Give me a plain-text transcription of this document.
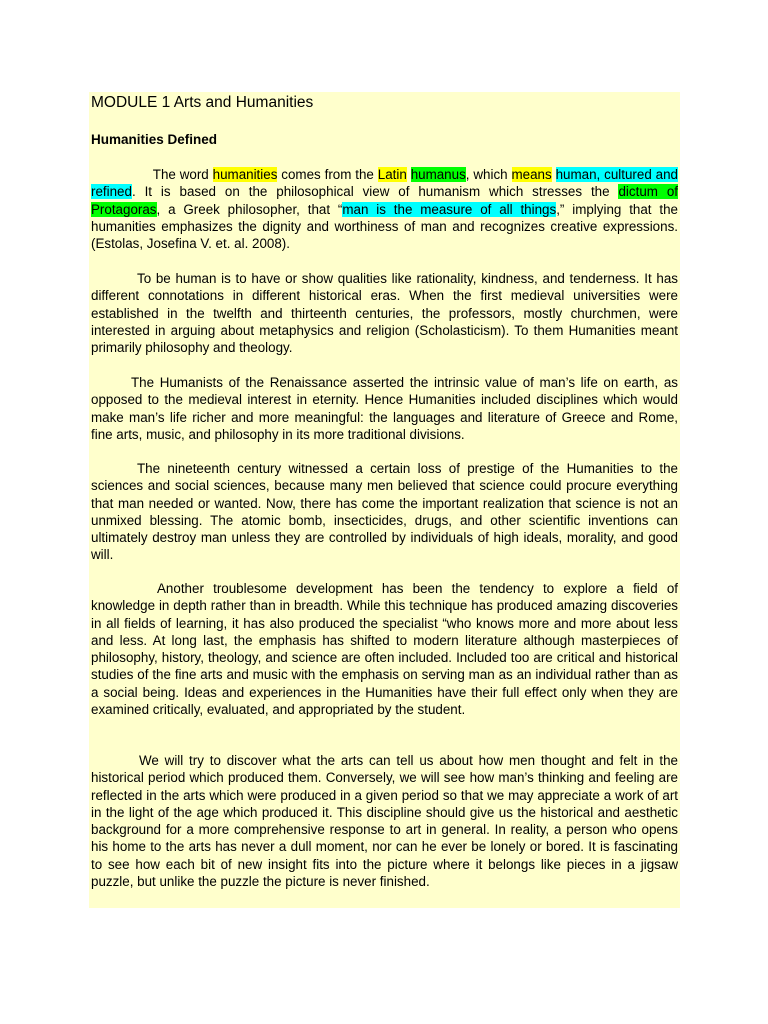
MODULE 1 Arts and Humanities
Humanities Defined

The word humanities comes from the Latin humanus, which means human, cultured and refined. It is based on the philosophical view of humanism which stresses the dictum of Protagoras, a Greek philosopher, that “man is the measure of all things,” implying that the humanities emphasizes the dignity and worthiness of man and recognizes creative expressions. (Estolas, Josefina V. et. al. 2008).

To be human is to have or show qualities like rationality, kindness, and tenderness. It has different connotations in different historical eras. When the first medieval universities were established in the twelfth and thirteenth centuries, the professors, mostly churchmen, were interested in arguing about metaphysics and religion (Scholasticism). To them Humanities meant primarily philosophy and theology.

The Humanists of the Renaissance asserted the intrinsic value of man’s life on earth, as opposed to the medieval interest in eternity. Hence Humanities included disciplines which would make man’s life richer and more meaningful: the languages and literature of Greece and Rome, fine arts, music, and philosophy in its more traditional divisions.

The nineteenth century witnessed a certain loss of prestige of the Humanities to the sciences and social sciences, because many men believed that science could procure everything that man needed or wanted. Now, there has come the important realization that science is not an unmixed blessing. The atomic bomb, insecticides, drugs, and other scientific inventions can ultimately destroy man unless they are controlled by individuals of high ideals, morality, and good will.

Another troublesome development has been the tendency to explore a field of knowledge in depth rather than in breadth. While this technique has produced amazing discoveries in all fields of learning, it has also produced the specialist “who knows more and more about less and less. At long last, the emphasis has shifted to modern literature although masterpieces of philosophy, history, theology, and science are often included. Included too are critical and historical studies of the fine arts and music with the emphasis on serving man as an individual rather than as a social being. Ideas and experiences in the Humanities have their full effect only when they are examined critically, evaluated, and appropriated by the student.

We will try to discover what the arts can tell us about how men thought and felt in the historical period which produced them. Conversely, we will see how man’s thinking and feeling are reflected in the arts which were produced in a given period so that we may appreciate a work of art in the light of the age which produced it. This discipline should give us the historical and aesthetic background for a more comprehensive response to art in general. In reality, a person who opens his home to the arts has never a dull moment, nor can he ever be lonely or bored. It is fascinating to see how each bit of new insight fits into the picture where it belongs like pieces in a jigsaw puzzle, but unlike the puzzle the picture is never finished.
